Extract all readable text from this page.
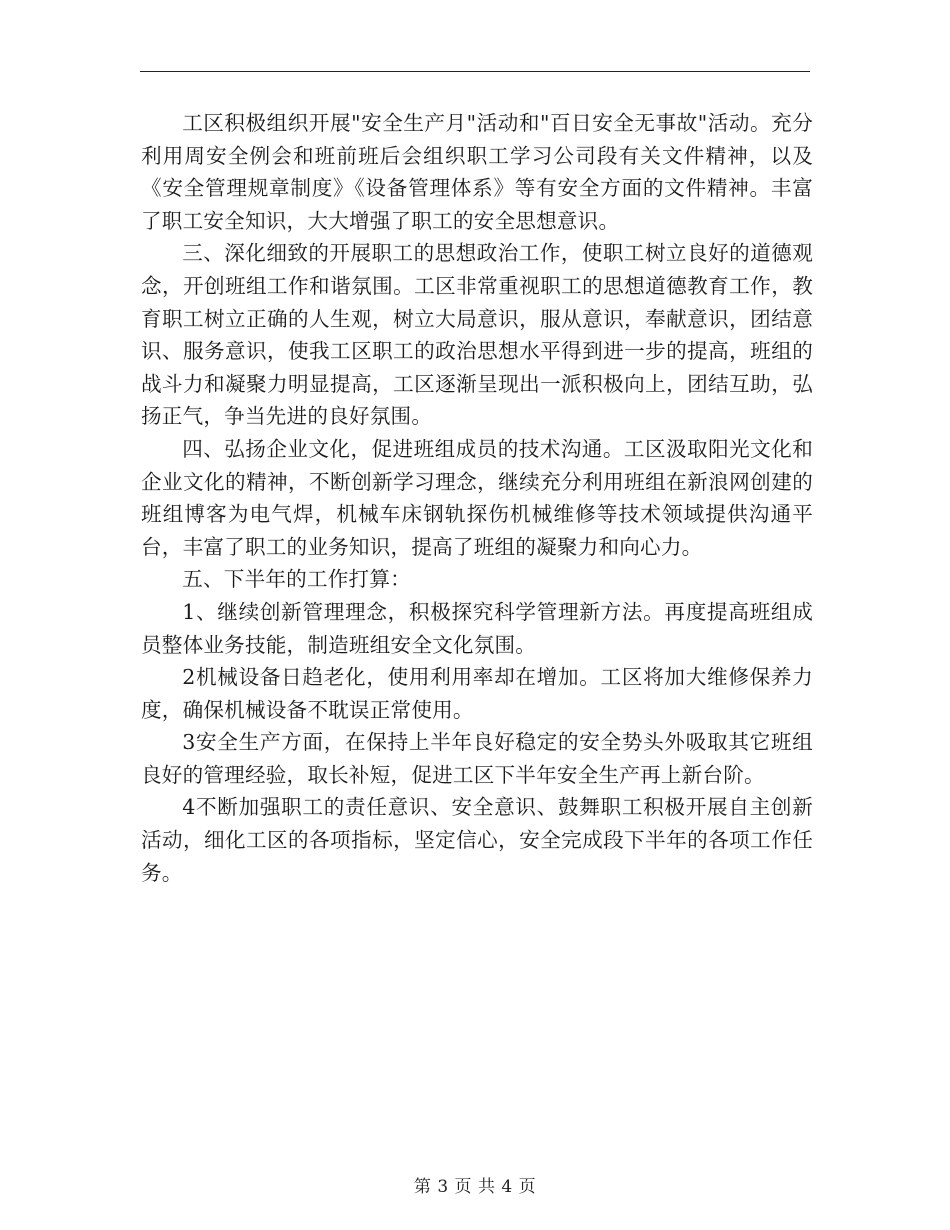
工区积极组织开展"安全生产月"活动和"百日安全无事故"活动。充分利用周安全例会和班前班后会组织职工学习公司段有关文件精神，以及《安全管理规章制度》《设备管理体系》等有安全方面的文件精神。丰富了职工安全知识，大大增强了职工的安全思想意识。

三、深化细致的开展职工的思想政治工作，使职工树立良好的道德观念，开创班组工作和谐氛围。工区非常重视职工的思想道德教育工作，教育职工树立正确的人生观，树立大局意识，服从意识，奉献意识，团结意识、服务意识，使我工区职工的政治思想水平得到进一步的提高，班组的战斗力和凝聚力明显提高，工区逐渐呈现出一派积极向上，团结互助，弘扬正气，争当先进的良好氛围。

四、弘扬企业文化，促进班组成员的技术沟通。工区汲取阳光文化和企业文化的精神，不断创新学习理念，继续充分利用班组在新浪网创建的班组博客为电气焊，机械车床钢轨探伤机械维修等技术领域提供沟通平台，丰富了职工的业务知识，提高了班组的凝聚力和向心力。

五、下半年的工作打算：

1、继续创新管理理念，积极探究科学管理新方法。再度提高班组成员整体业务技能，制造班组安全文化氛围。

2机械设备日趋老化，使用利用率却在增加。工区将加大维修保养力度，确保机械设备不耽误正常使用。

3安全生产方面，在保持上半年良好稳定的安全势头外吸取其它班组良好的管理经验，取长补短，促进工区下半年安全生产再上新台阶。

4不断加强职工的责任意识、安全意识、鼓舞职工积极开展自主创新活动，细化工区的各项指标，坚定信心，安全完成段下半年的各项工作任务。

第 3 页 共 4 页
